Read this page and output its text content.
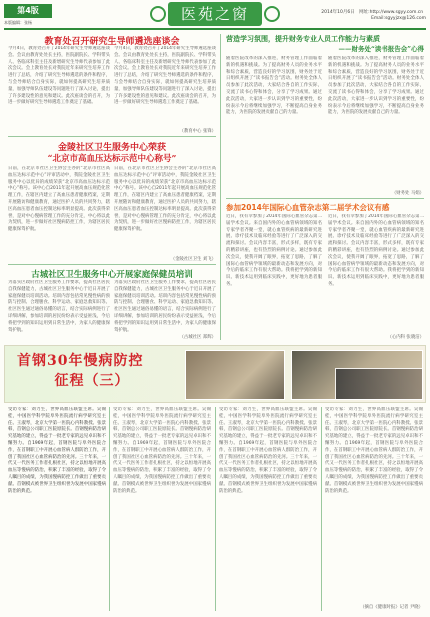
第4版
本版编辑：张杨	医苑之窗	2014年10月6日 网址:http://www.sgyy.com.cn   Email:sgyyjzx@126.com
教育处召开研究生导师遴选座谈会
今月4日，教育处召开了2014年研究生导师遴选座谈会。会议由教育处处长主持，医院副院长、学科带头人、各临床科室主任及新增研究生导师代表参加了此次会议。会上教育处长对我院近年来研究生培养工作进行了总结，介绍了研究生导师遴选的条件和程序，与会导师结合自身实际，就如何提高研究生培养质量，加强导师队伍建设等问题进行了深入讨论，提出了许多建设性的意见和建议。此次座谈会的召开，为进一步做好研究生导师遴选工作奠定了基础。
今月4日，教育处召开了2014年研究生导师遴选座谈会。会议由教育处处长主持，医院副院长、学科带头人、各临床科室主任及新增研究生导师代表参加了此次会议。会上教育处长对我院近年来研究生培养工作进行了总结，介绍了研究生导师遴选的条件和程序，与会导师结合自身实际，就如何提高研究生培养质量，加强导师队伍建设等问题进行了深入讨论，提出了许多建设性的意见和建议。此次座谈会的召开，为进一步做好研究生导师遴选工作奠定了基础。
（教育中心 张锋）
金陵社区卫生服务中心荣获
“北京市高血压达标示范中心称号”
日前，在北京市社区卫生协会主办的“北京市社区高血压达标示范中心”评审活动中，我院金陵社区卫生服务中心以优异的成绩荣获“北京市高血压达标示范中心”称号。该中心自2011年起开展高血压规范化管理工作，在辖区内建立了高血压患者健康档案，定期开展随访和健康教育，通过医护人员的共同努力，辖区高血压患者血压控制达标率明显提高。此次获得荣誉，是对中心慢病管理工作的充分肯定，中心将以此为契机，进一步做好社区慢病防控工作，为辖区居民健康保驾护航。
日前，在北京市社区卫生协会主办的“北京市社区高血压达标示范中心”评审活动中，我院金陵社区卫生服务中心以优异的成绩荣获“北京市高血压达标示范中心”称号。该中心自2011年起开展高血压规范化管理工作，在辖区内建立了高血压患者健康档案，定期开展随访和健康教育，通过医护人员的共同努力，辖区高血压患者血压控制达标率明显提高。此次获得荣誉，是对中心慢病管理工作的充分肯定，中心将以此为契机，进一步做好社区慢病防控工作，为辖区居民健康保驾护航。
（金陵社区卫生 刘飞）
古城社区卫生服务中心开展家庭保健员培训
为落实区政府社区卫生服务工作要求，提高社区居民自我保健能力，古城社区卫生服务中心于近日开展了家庭保健员培训活动。培训内容包括常见慢性病的预防与控制、合理膳食、科学运动、家庭急救知识等。社区医生通过通俗易懂的语言，结合实际病例进行了详细讲解，参加培训的居民纷纷表示受益匪浅，今后将把学到的知识运用到日常生活中，为家人的健康保驾护航。
为落实区政府社区卫生服务工作要求，提高社区居民自我保健能力，古城社区卫生服务中心于近日开展了家庭保健员培训活动。培训内容包括常见慢性病的预防与控制、合理膳食、科学运动、家庭急救知识等。社区医生通过通俗易懂的语言，结合实际病例进行了详细讲解，参加培训的居民纷纷表示受益匪浅，今后将把学到的知识运用到日常生活中，为家人的健康保驾护航。
（古城社区 郑辉）
营造学习氛围，提升财务专业人员工作能力与素质
——财务处“读书报告会”心得
随着医院改革的深入推进，财务管理工作面临着新的机遇和挑战。为了提高财务人员的业务水平和综合素质，营造良好的学习氛围，财务处于近日组织开展了“读书报告会”活动。财务处全体人员参加了此次活动，大家结合各自的工作实际，交流了读书心得和体会，分享了学习成果。通过此次活动，大家进一步认识到学习的重要性，纷纷表示今后将继续加强学习，不断提高自身业务能力，为医院的发展贡献自己的力量。
随着医院改革的深入推进，财务管理工作面临着新的机遇和挑战。为了提高财务人员的业务水平和综合素质，营造良好的学习氛围，财务处于近日组织开展了“读书报告会”活动。财务处全体人员参加了此次活动，大家结合各自的工作实际，交流了读书心得和体会，分享了学习成果。通过此次活动，大家进一步认识到学习的重要性，纷纷表示今后将继续加强学习，不断提高自身业务能力，为医院的发展贡献自己的力量。
（财务处 马娟）
参加2014年国际心血管杂志第二届学术会议有感
近日，我有幸参加了2014年国际心血管杂志第二届学术会议。来自国内外的心血管病领域的知名专家学者齐聚一堂，就心血管疾病的最新研究进展、诊疗技术及临床经验等进行了广泛深入的交流和探讨。会议内容丰富，形式多样，既有专家的精彩讲座，也有热烈的病例讨论。通过参加此次会议，使我开阔了眼界，拓宽了思路，了解了国际心血管病学领域的最新动态和发展方向，对今后的临床工作有很大帮助。我将把学到的新知识、新技术运用到临床实践中，更好地为患者服务。
近日，我有幸参加了2014年国际心血管杂志第二届学术会议。来自国内外的心血管病领域的知名专家学者齐聚一堂，就心血管疾病的最新研究进展、诊疗技术及临床经验等进行了广泛深入的交流和探讨。会议内容丰富，形式多样，既有专家的精彩讲座，也有热烈的病例讨论。通过参加此次会议，使我开阔了眼界，拓宽了思路，了解了国际心血管病学领域的最新动态和发展方向，对今后的临床工作有很大帮助。我将把学到的新知识、新技术运用到临床实践中，更好地为患者服务。
（心内科 张晓洁）
首钢30年慢病防控
征程（三）
受访专家：刘力生，世界高血压联盟主席。吴锡桂，中国医学科学院阜外医院流行病学研究室主任。王淑琴，北京大学第一医院心内科教授。张景韩，首钢总公司职工医院原院长。首钢慢病防治研究基地的建立，得益于一批老专家的远见卓识和不懈努力。自1969年起，首钢医院与阜外医院合作，在首钢职工中开展心血管病人群防治工作，开创了我国社区心血管病防治的先河。三十年来，一代又一代医务工作者扎根社区，持之以恒地开展高血压等慢病的防治，积累了丰富的经验，取得了令人瞩目的成绩，为我国慢病防控工作做出了重要贡献。首钢模式被世界卫生组织誉为发展中国家慢病防治的典范。
受访专家：刘力生，世界高血压联盟主席。吴锡桂，中国医学科学院阜外医院流行病学研究室主任。王淑琴，北京大学第一医院心内科教授。张景韩，首钢总公司职工医院原院长。首钢慢病防治研究基地的建立，得益于一批老专家的远见卓识和不懈努力。自1969年起，首钢医院与阜外医院合作，在首钢职工中开展心血管病人群防治工作，开创了我国社区心血管病防治的先河。三十年来，一代又一代医务工作者扎根社区，持之以恒地开展高血压等慢病的防治，积累了丰富的经验，取得了令人瞩目的成绩，为我国慢病防控工作做出了重要贡献。首钢模式被世界卫生组织誉为发展中国家慢病防治的典范。
受访专家：刘力生，世界高血压联盟主席。吴锡桂，中国医学科学院阜外医院流行病学研究室主任。王淑琴，北京大学第一医院心内科教授。张景韩，首钢总公司职工医院原院长。首钢慢病防治研究基地的建立，得益于一批老专家的远见卓识和不懈努力。自1969年起，首钢医院与阜外医院合作，在首钢职工中开展心血管病人群防治工作，开创了我国社区心血管病防治的先河。三十年来，一代又一代医务工作者扎根社区，持之以恒地开展高血压等慢病的防治，积累了丰富的经验，取得了令人瞩目的成绩，为我国慢病防控工作做出了重要贡献。首钢模式被世界卫生组织誉为发展中国家慢病防治的典范。
受访专家：刘力生，世界高血压联盟主席。吴锡桂，中国医学科学院阜外医院流行病学研究室主任。王淑琴，北京大学第一医院心内科教授。张景韩，首钢总公司职工医院原院长。首钢慢病防治研究基地的建立，得益于一批老专家的远见卓识和不懈努力。自1969年起，首钢医院与阜外医院合作，在首钢职工中开展心血管病人群防治工作，开创了我国社区心血管病防治的先河。三十年来，一代又一代医务工作者扎根社区，持之以恒地开展高血压等慢病的防治，积累了丰富的经验，取得了令人瞩目的成绩，为我国慢病防控工作做出了重要贡献。首钢模式被世界卫生组织誉为发展中国家慢病防治的典范。
（摘自《健康时报》记者 尹晓）
